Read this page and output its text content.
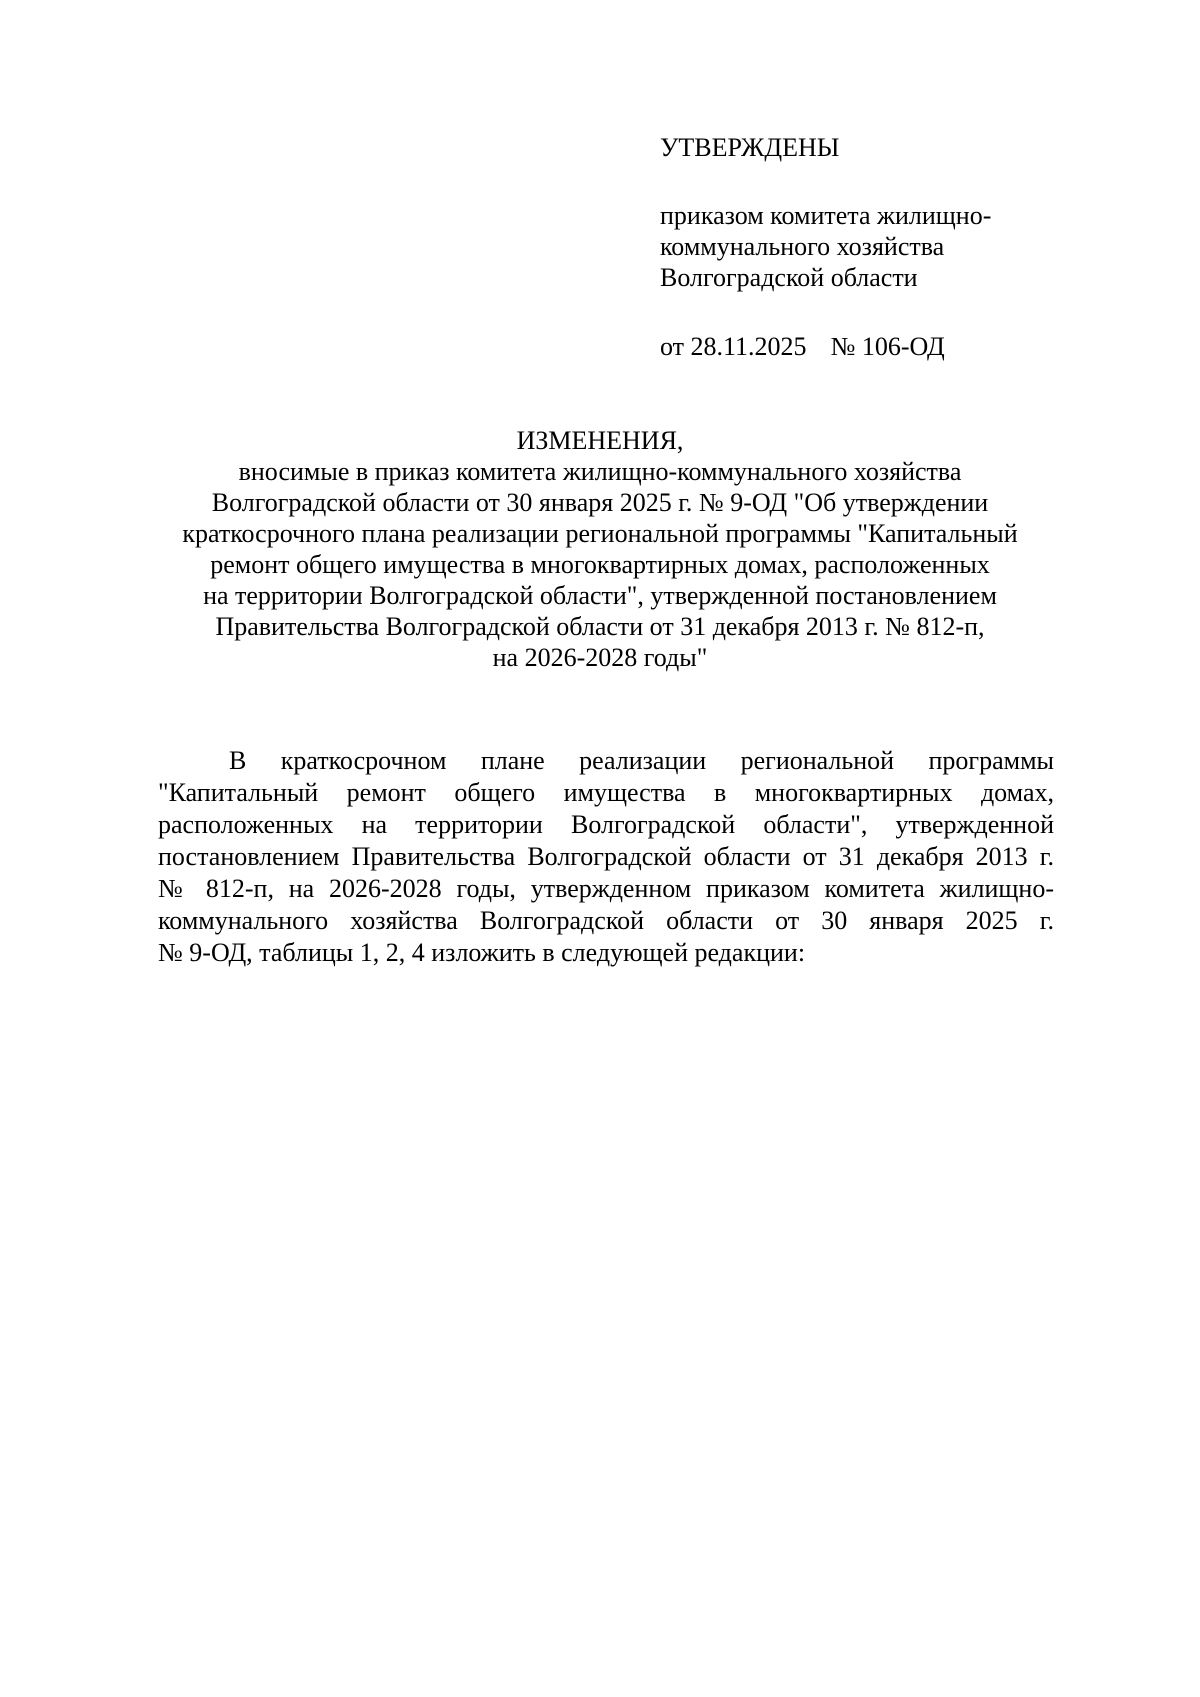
УТВЕРЖДЕНЫ

приказом комитета жилищно-
коммунального хозяйства
Волгоградской области

от 28.11.2025 № 106-ОД

ИЗМЕНЕНИЯ,
вносимые в приказ комитета жилищно-коммунального хозяйства
Волгоградской области от 30 января 2025 г. № 9-ОД "Об утверждении
краткосрочного плана реализации региональной программы "Капитальный
ремонт общего имущества в многоквартирных домах, расположенных
на территории Волгоградской области", утвержденной постановлением
Правительства Волгоградской области от 31 декабря 2013 г. № 812-п,
на 2026-2028 годы"
В краткосрочном плане реализации региональной программы
"Капитальный ремонт общего имущества в многоквартирных домах,
расположенных на территории Волгоградской области", утвержденной
постановлением Правительства Волгоградской области от 31 декабря 2013 г.
№ 812-п, на 2026-2028 годы, утвержденном приказом комитета жилищно-
коммунального хозяйства Волгоградской области от 30 января 2025 г.
№ 9-ОД, таблицы 1, 2, 4 изложить в следующей редакции:
